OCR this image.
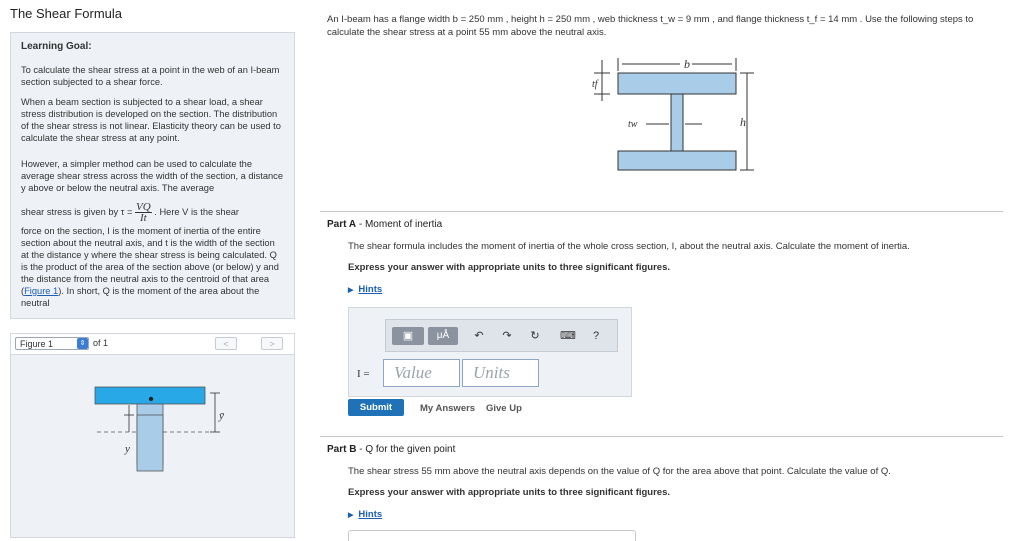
The Shear Formula
Learning Goal:

To calculate the shear stress at a point in the web of an I-beam section subjected to a shear force.

When a beam section is subjected to a shear load, a shear stress distribution is developed on the section. The distribution of the shear stress is not linear. Elasticity theory can be used to calculate the shear stress at any point.

However, a simpler method can be used to calculate the average shear stress across the width of the section, a distance y above or below the neutral axis. The average

shear stress is given by $\tau = \frac{VQ}{It}$ . Here V is the shear

force on the section, I is the moment of inertia of the entire section about the neutral axis, and t is the width of the section at the distance y where the shear stress is being calculated. Q is the product of the area of the section above (or below) y and the distance from the neutral axis to the centroid of that area (Figure 1). In short, Q is the moment of the area about the neutral

Figure 1	⇕ of 1	<	>
ȳ
y
An I-beam has a flange width b = 250 mm , height h = 250 mm , web thickness t_w = 9 mm , and flange thickness t_f = 14 mm . Use the following steps to calculate the shear stress at a point 55 mm above the neutral axis.
b
tf
h
tw
Part A - Moment of inertia
The shear formula includes the moment of inertia of the whole cross section, I, about the neutral axis. Calculate the moment of inertia.
Express your answer with appropriate units to three significant figures.
▶ Hints
▣	μÅ	↶	↷	↻	⌨	?
I =	Value	Units
Submit	My Answers Give Up
Part B - Q for the given point
The shear stress 55 mm above the neutral axis depends on the value of Q for the area above that point. Calculate the value of Q.
Express your answer with appropriate units to three significant figures.
▶ Hints
